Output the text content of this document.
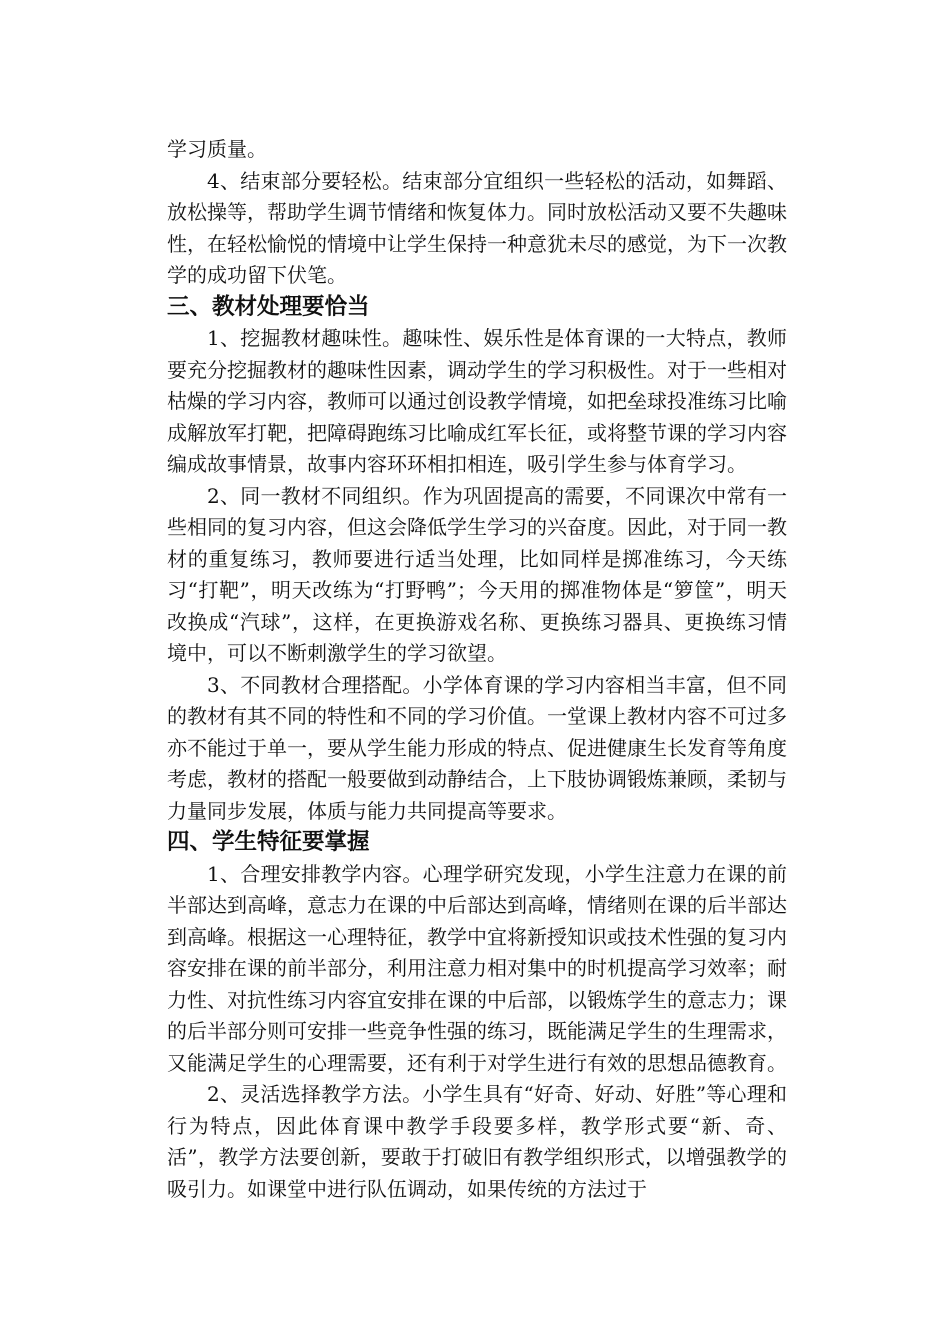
学习质量。

4、结束部分要轻松。结束部分宜组织一些轻松的活动，如舞蹈、放松操等，帮助学生调节情绪和恢复体力。同时放松活动又要不失趣味性，在轻松愉悦的情境中让学生保持一种意犹未尽的感觉，为下一次教学的成功留下伏笔。

三、教材处理要恰当

1、挖掘教材趣味性。趣味性、娱乐性是体育课的一大特点，教师要充分挖掘教材的趣味性因素，调动学生的学习积极性。对于一些相对枯燥的学习内容，教师可以通过创设教学情境，如把垒球投准练习比喻成解放军打靶，把障碍跑练习比喻成红军长征，或将整节课的学习内容编成故事情景，故事内容环环相扣相连，吸引学生参与体育学习。

2、同一教材不同组织。作为巩固提高的需要，不同课次中常有一些相同的复习内容，但这会降低学生学习的兴奋度。因此，对于同一教材的重复练习，教师要进行适当处理，比如同样是掷准练习，今天练习“打靶”，明天改练为“打野鸭”；今天用的掷准物体是“箩筐”，明天改换成“汽球”，这样，在更换游戏名称、更换练习器具、更换练习情境中，可以不断刺激学生的学习欲望。

3、不同教材合理搭配。小学体育课的学习内容相当丰富，但不同的教材有其不同的特性和不同的学习价值。一堂课上教材内容不可过多亦不能过于单一，要从学生能力形成的特点、促进健康生长发育等角度考虑，教材的搭配一般要做到动静结合，上下肢协调锻炼兼顾，柔韧与力量同步发展，体质与能力共同提高等要求。

四、学生特征要掌握

1、合理安排教学内容。心理学研究发现，小学生注意力在课的前半部达到高峰，意志力在课的中后部达到高峰，情绪则在课的后半部达到高峰。根据这一心理特征，教学中宜将新授知识或技术性强的复习内容安排在课的前半部分，利用注意力相对集中的时机提高学习效率；耐力性、对抗性练习内容宜安排在课的中后部，以锻炼学生的意志力；课的后半部分则可安排一些竞争性强的练习，既能满足学生的生理需求，又能满足学生的心理需要，还有利于对学生进行有效的思想品德教育。

2、灵活选择教学方法。小学生具有“好奇、好动、好胜”等心理和行为特点，因此体育课中教学手段要多样，教学形式要“新、奇、活”，教学方法要创新，要敢于打破旧有教学组织形式，以增强教学的吸引力。如课堂中进行队伍调动，如果传统的方法过于
